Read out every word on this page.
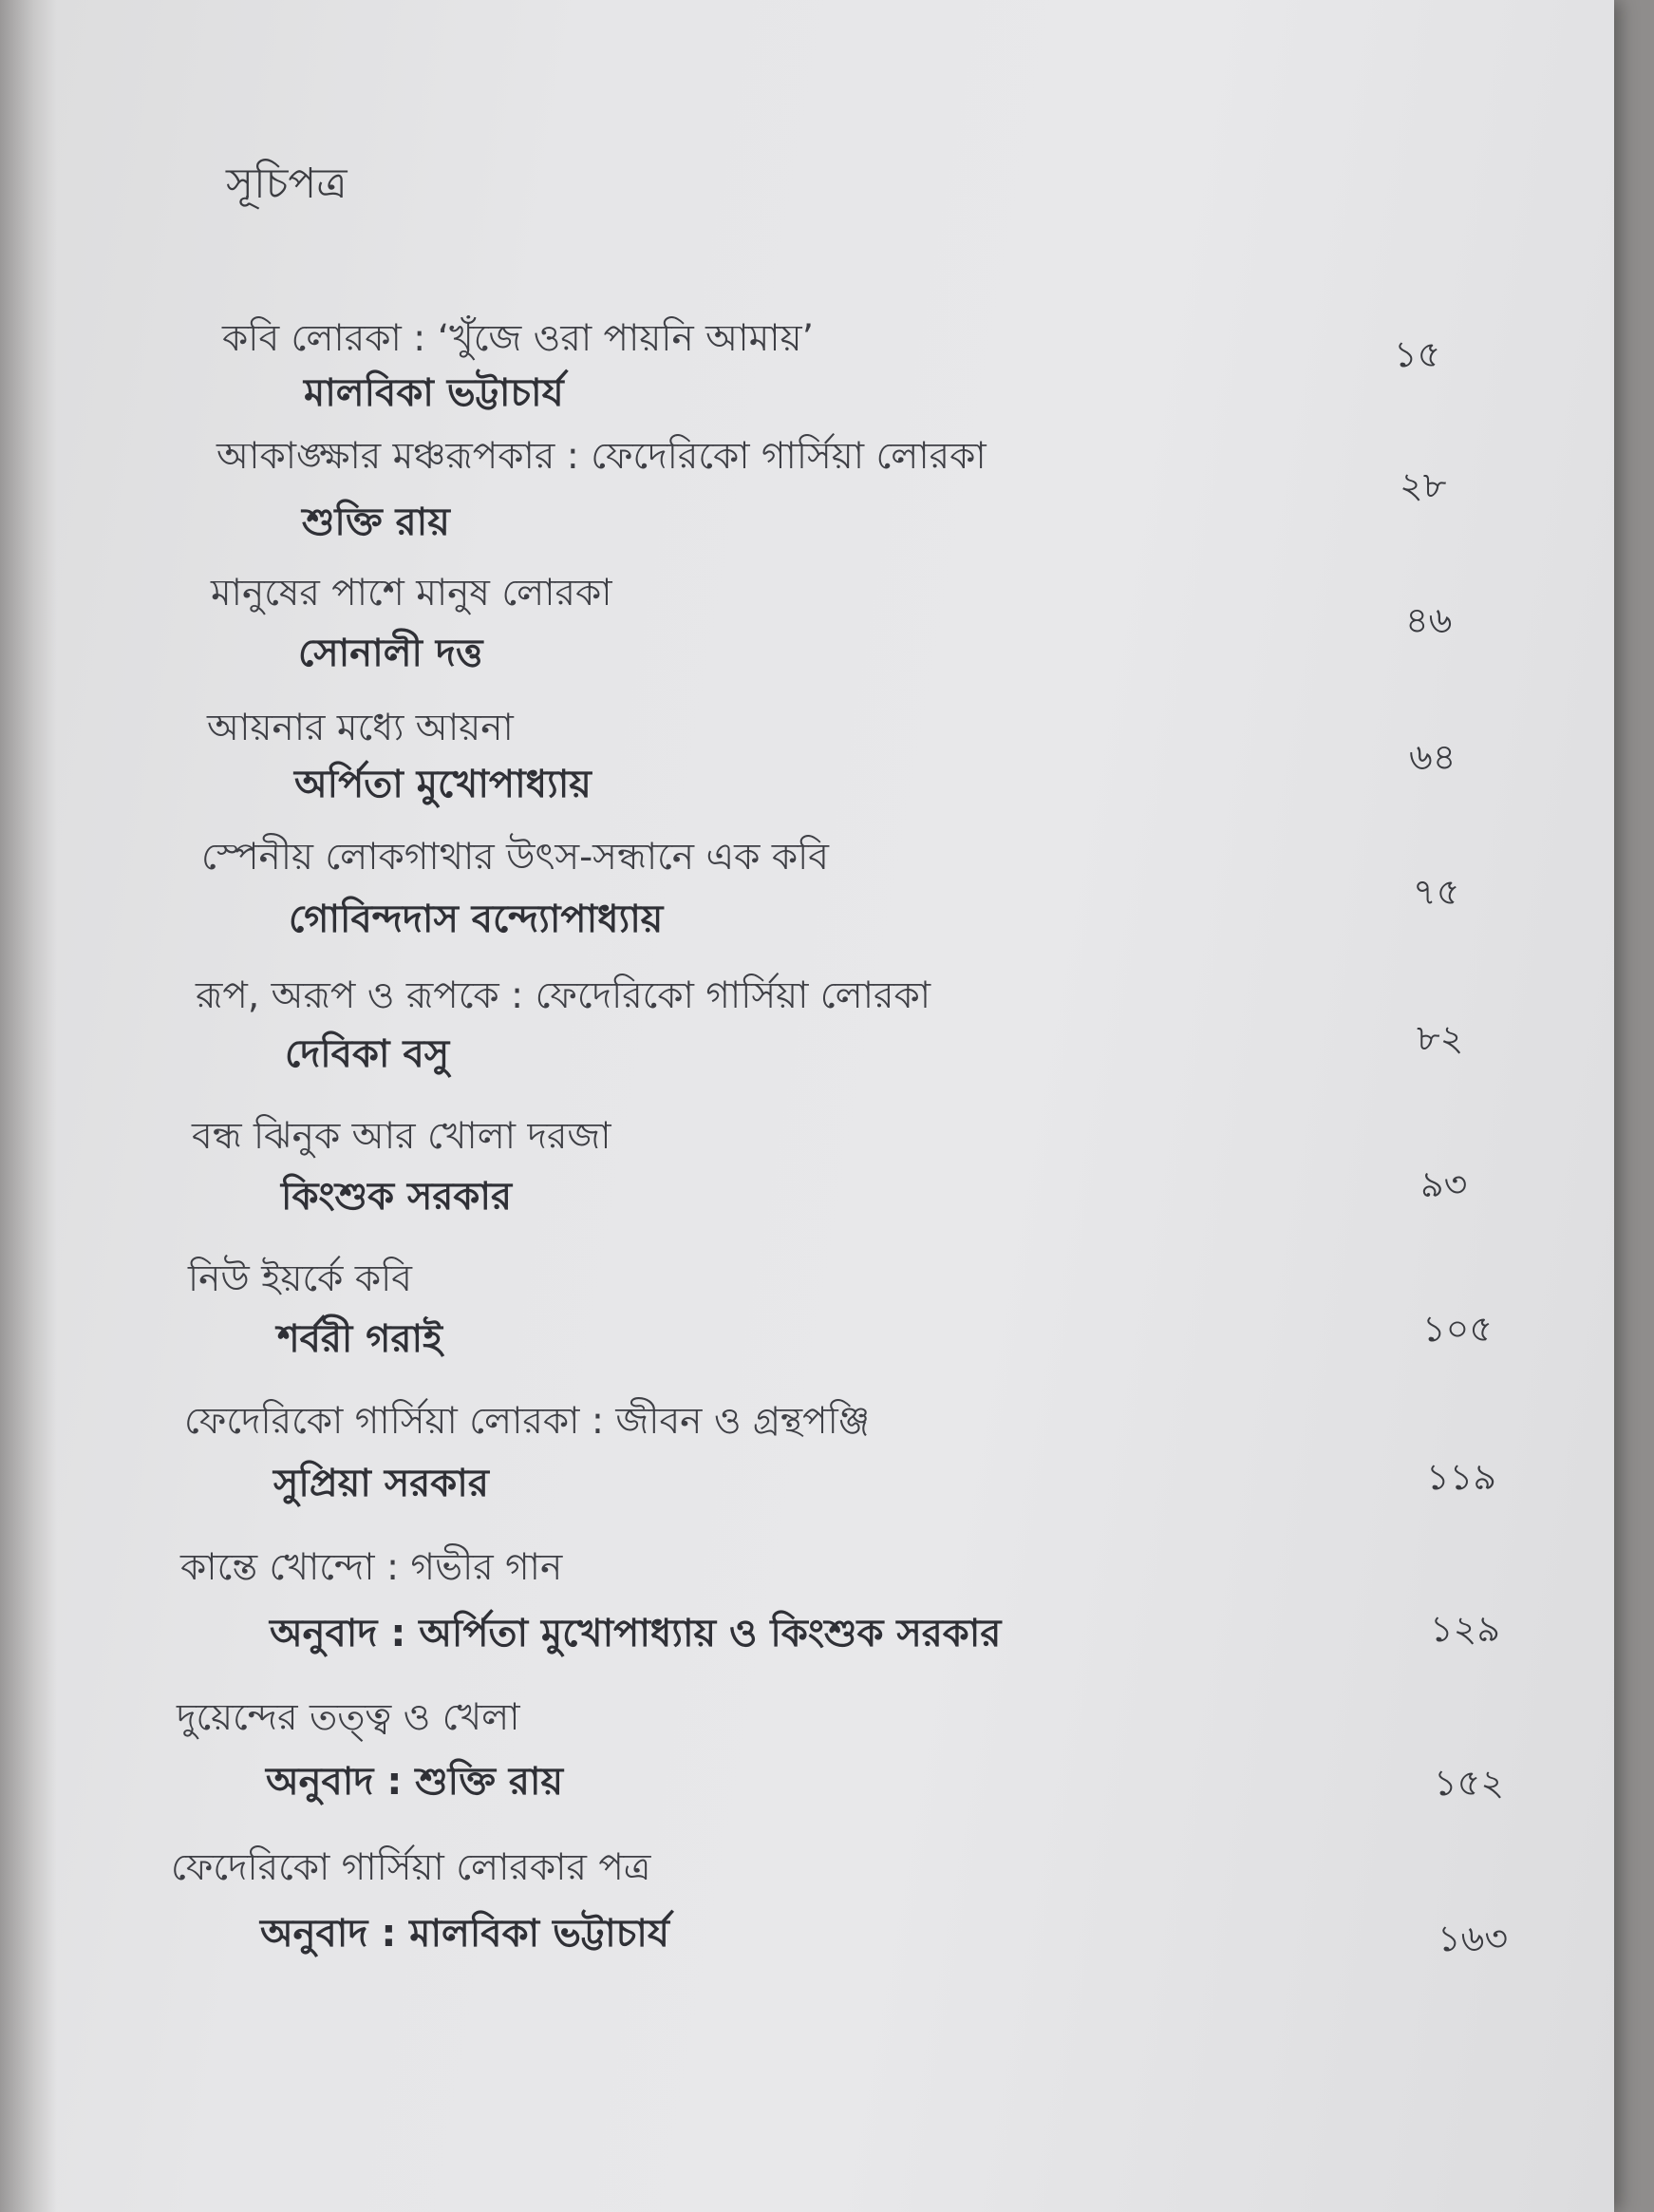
সূচিপত্র
কবি লোরকা : ‘খুঁজে ওরা পায়নি আমায়’
মালবিকা ভট্টাচার্য
১৫
আকাঙ্ক্ষার মঞ্চরূপকার : ফেদেরিকো গার্সিয়া লোরকা
শুক্তি রায়
২৮
মানুষের পাশে মানুষ লোরকা
সোনালী দত্ত
৪৬
আয়নার মধ্যে আয়না
অর্পিতা মুখোপাধ্যায়
৬৪
স্পেনীয় লোকগাথার উৎস-সন্ধানে এক কবি
গোবিন্দদাস বন্দ্যোপাধ্যায়
৭৫
রূপ, অরূপ ও রূপকে : ফেদেরিকো গার্সিয়া লোরকা
দেবিকা বসু	৮২
বন্ধ ঝিনুক আর খোলা দরজা
কিংশুক সরকার	৯৩
নিউ ইয়র্কে কবি
শর্বরী গরাই	১০৫
ফেদেরিকো গার্সিয়া লোরকা : জীবন ও গ্রন্থপঞ্জি
সুপ্রিয়া সরকার	১১৯
কান্তে খোন্দো : গভীর গান
অনুবাদ : অর্পিতা মুখোপাধ্যায় ও কিংশুক সরকার	১২৯
দুয়েন্দের তত্ত্ব ও খেলা
অনুবাদ : শুক্তি রায়	১৫২
ফেদেরিকো গার্সিয়া লোরকার পত্র
অনুবাদ : মালবিকা ভট্টাচার্য	১৬৩
